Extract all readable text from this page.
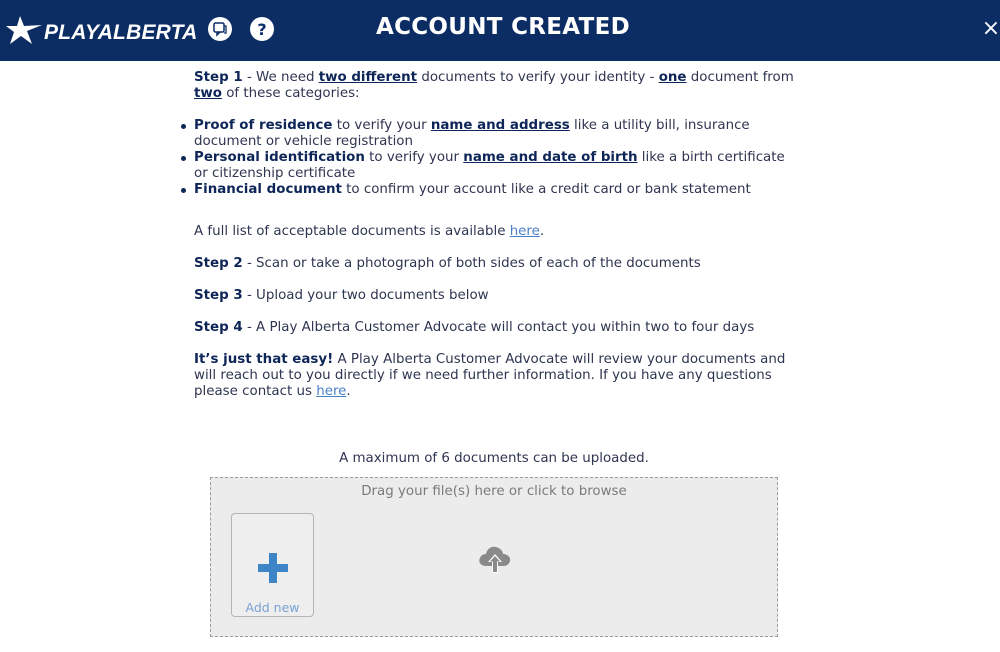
PLAYALBERTA	?	ACCOUNT CREATED	×

Step 1 - We need two different documents to verify your identity - one document from two of these categories:

Proof of residence to verify your name and address like a utility bill, insurance document or vehicle registration
Personal identification to verify your name and date of birth like a birth certificate or citizenship certificate
Financial document to confirm your account like a credit card or bank statement

A full list of acceptable documents is available here.

Step 2 - Scan or take a photograph of both sides of each of the documents

Step 3 - Upload your two documents below

Step 4 - A Play Alberta Customer Advocate will contact you within two to four days

It’s just that easy! A Play Alberta Customer Advocate will review your documents and will reach out to you directly if we need further information. If you have any questions please contact us here.

A maximum of 6 documents can be uploaded.
Drag your file(s) here or click to browse
Add new
